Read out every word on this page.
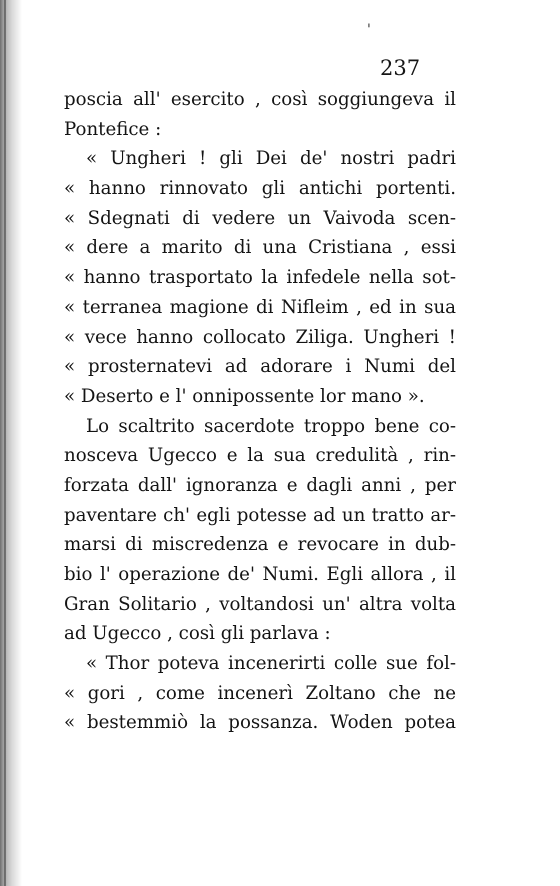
'
237
poscia all' esercito , così soggiungeva il
Pontefice :
« Ungheri ! gli Dei de' nostri padri
« hanno rinnovato gli antichi portenti.
« Sdegnati di vedere un Vaivoda scen-
« dere a marito di una Cristiana , essi
« hanno trasportato la infedele nella sot-
« terranea magione di Nifleim , ed in sua
« vece hanno collocato Ziliga. Ungheri !
« prosternatevi ad adorare i Numi del
« Deserto e l' onnipossente lor mano ».
Lo scaltrito sacerdote troppo bene co-
nosceva Ugecco e la sua credulità , rin-
forzata dall' ignoranza e dagli anni , per
paventare ch' egli potesse ad un tratto ar-
marsi di miscredenza e revocare in dub-
bio l' operazione de' Numi. Egli allora , il
Gran Solitario , voltandosi un' altra volta
ad Ugecco , così gli parlava :
« Thor poteva incenerirti colle sue fol-
« gori , come incenerì Zoltano che ne
« bestemmiò la possanza. Woden potea
